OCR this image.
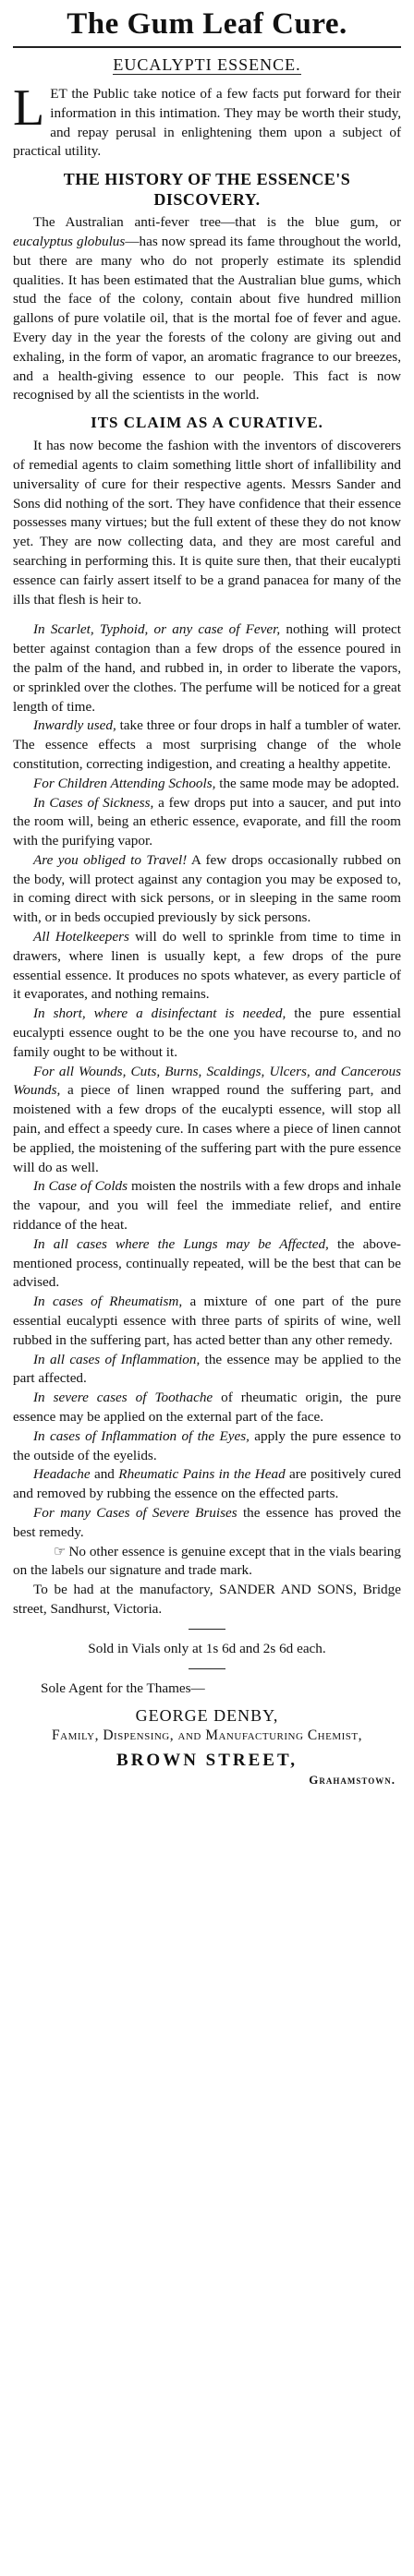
The Gum Leaf Cure.
EUCALYPTI ESSENCE.

LET the Public take notice of a few facts put forward for their information in this intimation. They may be worth their study, and repay perusal in enlightening them upon a subject of practical utility.

THE HISTORY OF THE ESSENCE'S DISCOVERY.

The Australian anti-fever tree—that is the blue gum, or eucalyptus globulus—has now spread its fame throughout the world, but there are many who do not properly estimate its splendid qualities. It has been estimated that the Australian blue gums, which stud the face of the colony, contain about five hundred million gallons of pure volatile oil, that is the mortal foe of fever and ague. Every day in the year the forests of the colony are giving out and exhaling, in the form of vapor, an aromatic fragrance to our breezes, and a health-giving essence to our people. This fact is now recognised by all the scientists in the world.

ITS CLAIM AS A CURATIVE.

It has now become the fashion with the inventors of discoverers of remedial agents to claim something little short of infallibility and universality of cure for their respective agents. Messrs Sander and Sons did nothing of the sort. They have confidence that their essence possesses many virtues; but the full extent of these they do not know yet. They are now collecting data, and they are most careful and searching in performing this. It is quite sure then, that their eucalypti essence can fairly assert itself to be a grand panacea for many of the ills that flesh is heir to.

In Scarlet, Typhoid, or any case of Fever, nothing will protect better against contagion than a few drops of the essence poured in the palm of the hand, and rubbed in, in order to liberate the vapors, or sprinkled over the clothes. The perfume will be noticed for a great length of time.

Inwardly used, take three or four drops in half a tumbler of water. The essence effects a most surprising change of the whole constitution, correcting indigestion, and creating a healthy appetite.

For Children Attending Schools, the same mode may be adopted.

In Cases of Sickness, a few drops put into a saucer, and put into the room will, being an etheric essence, evaporate, and fill the room with the purifying vapor.

Are you obliged to Travel! A few drops occasionally rubbed on the body, will protect against any contagion you may be exposed to, in coming direct with sick persons, or in sleeping in the same room with, or in beds occupied previously by sick persons.

All Hotelkeepers will do well to sprinkle from time to time in drawers, where linen is usually kept, a few drops of the pure essential essence. It produces no spots whatever, as every particle of it evaporates, and nothing remains.

In short, where a disinfectant is needed, the pure essential eucalypti essence ought to be the one you have recourse to, and no family ought to be without it.

For all Wounds, Cuts, Burns, Scaldings, Ulcers, and Cancerous Wounds, a piece of linen wrapped round the suffering part, and moistened with a few drops of the eucalypti essence, will stop all pain, and effect a speedy cure. In cases where a piece of linen cannot be applied, the moistening of the suffering part with the pure essence will do as well.

In Case of Colds moisten the nostrils with a few drops and inhale the vapour, and you will feel the immediate relief, and entire riddance of the heat.

In all cases where the Lungs may be Affected, the above-mentioned process, continually repeated, will be the best that can be advised.

In cases of Rheumatism, a mixture of one part of the pure essential eucalypti essence with three parts of spirits of wine, well rubbed in the suffering part, has acted better than any other remedy.

In all cases of Inflammation, the essence may be applied to the part affected.

In severe cases of Toothache of rheumatic origin, the pure essence may be applied on the external part of the face.

In cases of Inflammation of the Eyes, apply the pure essence to the outside of the eyelids.

Headache and Rheumatic Pains in the Head are positively cured and removed by rubbing the essence on the effected parts.

For many Cases of Severe Bruises the essence has proved the best remedy.

☞ No other essence is genuine except that in the vials bearing on the labels our signature and trade mark.

To be had at the manufactory, SANDER AND SONS, Bridge street, Sandhurst, Victoria.

Sold in Vials only at 1s 6d and 2s 6d each.
Sole Agent for the Thames—
GEORGE DENBY,
Family, Dispensing, and Manufacturing Chemist,
BROWN STREET,
Grahamstown.
